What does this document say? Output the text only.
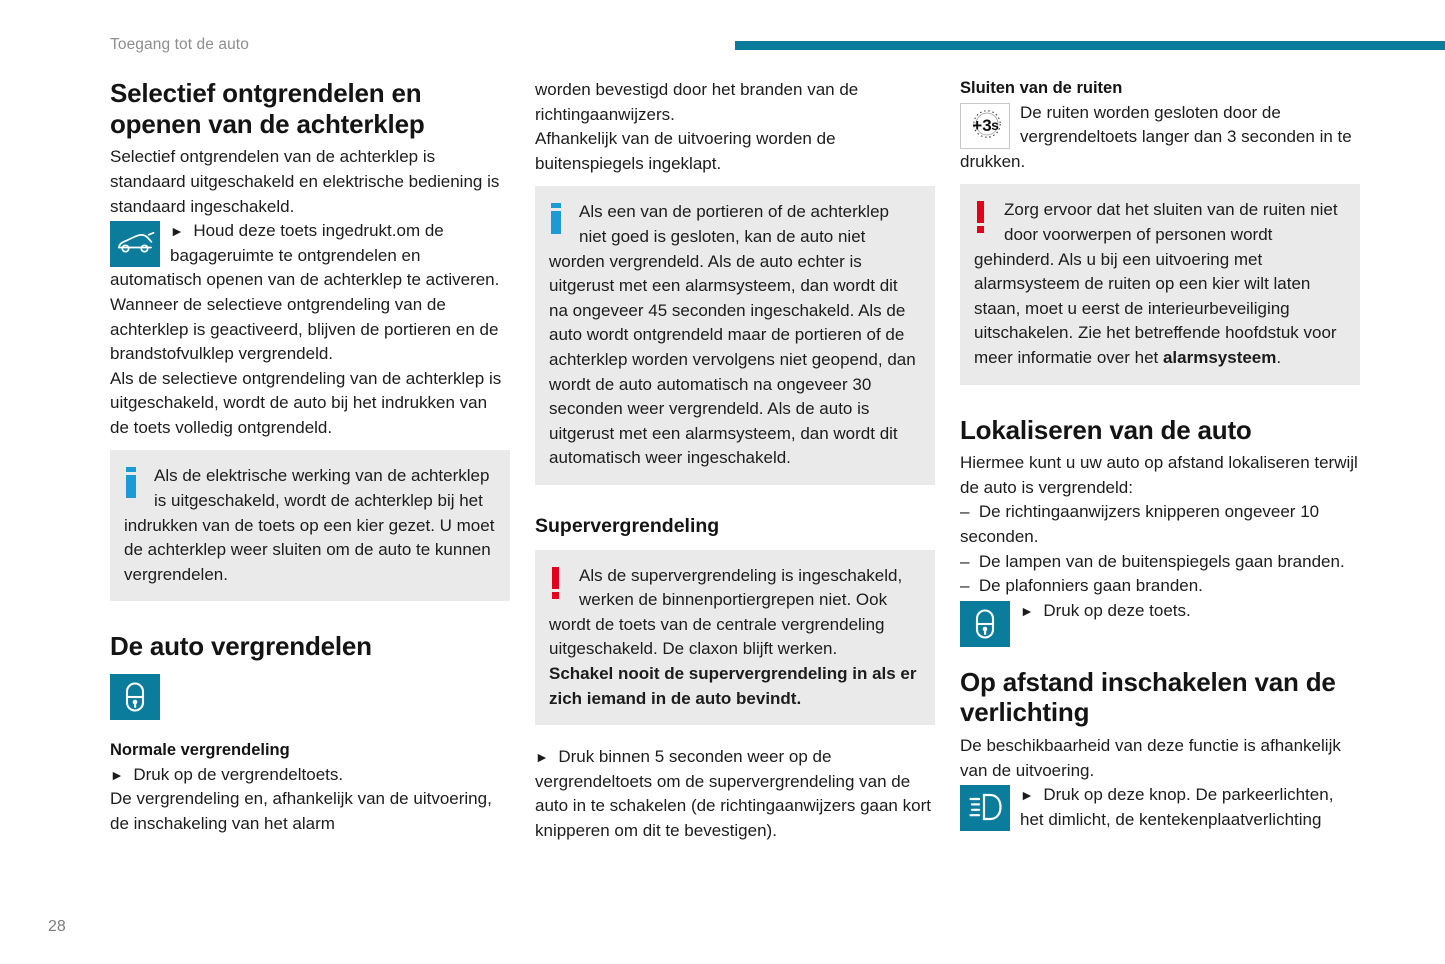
Toegang tot de auto
Selectief ontgrendelen en openen van de achterklep

Selectief ontgrendelen van de achterklep is standaard uitgeschakeld en elektrische bediening is standaard ingeschakeld.

► Houd deze toets ingedrukt.om de bagageruimte te ontgrendelen en automatisch openen van de achterklep te activeren.

Wanneer de selectieve ontgrendeling van de achterklep is geactiveerd, blijven de portieren en de brandstofvulklep vergrendeld.

Als de selectieve ontgrendeling van de achterklep is uitgeschakeld, wordt de auto bij het indrukken van de toets volledig ontgrendeld.

Als de elektrische werking van de achterklep is uitgeschakeld, wordt de achterklep bij het indrukken van de toets op een kier gezet. U moet de achterklep weer sluiten om de auto te kunnen vergrendelen.

De auto vergrendelen
Normale vergrendeling

► Druk op de vergrendeltoets.

De vergrendeling en, afhankelijk van de uitvoering, de inschakeling van het alarm

worden bevestigd door het branden van de richtingaanwijzers.

Afhankelijk van de uitvoering worden de buitenspiegels ingeklapt.

Als een van de portieren of de achterklep niet goed is gesloten, kan de auto niet worden vergrendeld. Als de auto echter is uitgerust met een alarmsysteem, dan wordt dit na ongeveer 45 seconden ingeschakeld. Als de auto wordt ontgrendeld maar de portieren of de achterklep worden vervolgens niet geopend, dan wordt de auto automatisch na ongeveer 30 seconden weer vergrendeld. Als de auto is uitgerust met een alarmsysteem, dan wordt dit automatisch weer ingeschakeld.

Supervergrendeling

Als de supervergrendeling is ingeschakeld, werken de binnenportiergrepen niet. Ook wordt de toets van de centrale vergrendeling uitgeschakeld. De claxon blijft werken.

Schakel nooit de supervergrendeling in als er zich iemand in de auto bevindt.

► Druk binnen 5 seconden weer op de vergrendeltoets om de supervergrendeling van de auto in te schakelen (de richtingaanwijzers gaan kort knipperen om dit te bevestigen).

Sluiten van de ruiten
+3 s
De ruiten worden gesloten door de vergrendeltoets langer dan 3 seconden in te drukken.

Zorg ervoor dat het sluiten van de ruiten niet door voorwerpen of personen wordt gehinderd. Als u bij een uitvoering met alarmsysteem de ruiten op een kier wilt laten staan, moet u eerst de interieurbeveiliging uitschakelen. Zie het betreffende hoofdstuk voor meer informatie over het alarmsysteem.

Lokaliseren van de auto

Hiermee kunt u uw auto op afstand lokaliseren terwijl de auto is vergrendeld:

–  De richtingaanwijzers knipperen ongeveer 10 seconden.

–  De lampen van de buitenspiegels gaan branden.

–  De plafonniers gaan branden.

► Druk op deze toets.
Op afstand inschakelen van de verlichting

De beschikbaarheid van deze functie is afhankelijk van de uitvoering.

► Druk op deze knop. De parkeerlichten, het dimlicht, de kentekenplaatverlichting
28
